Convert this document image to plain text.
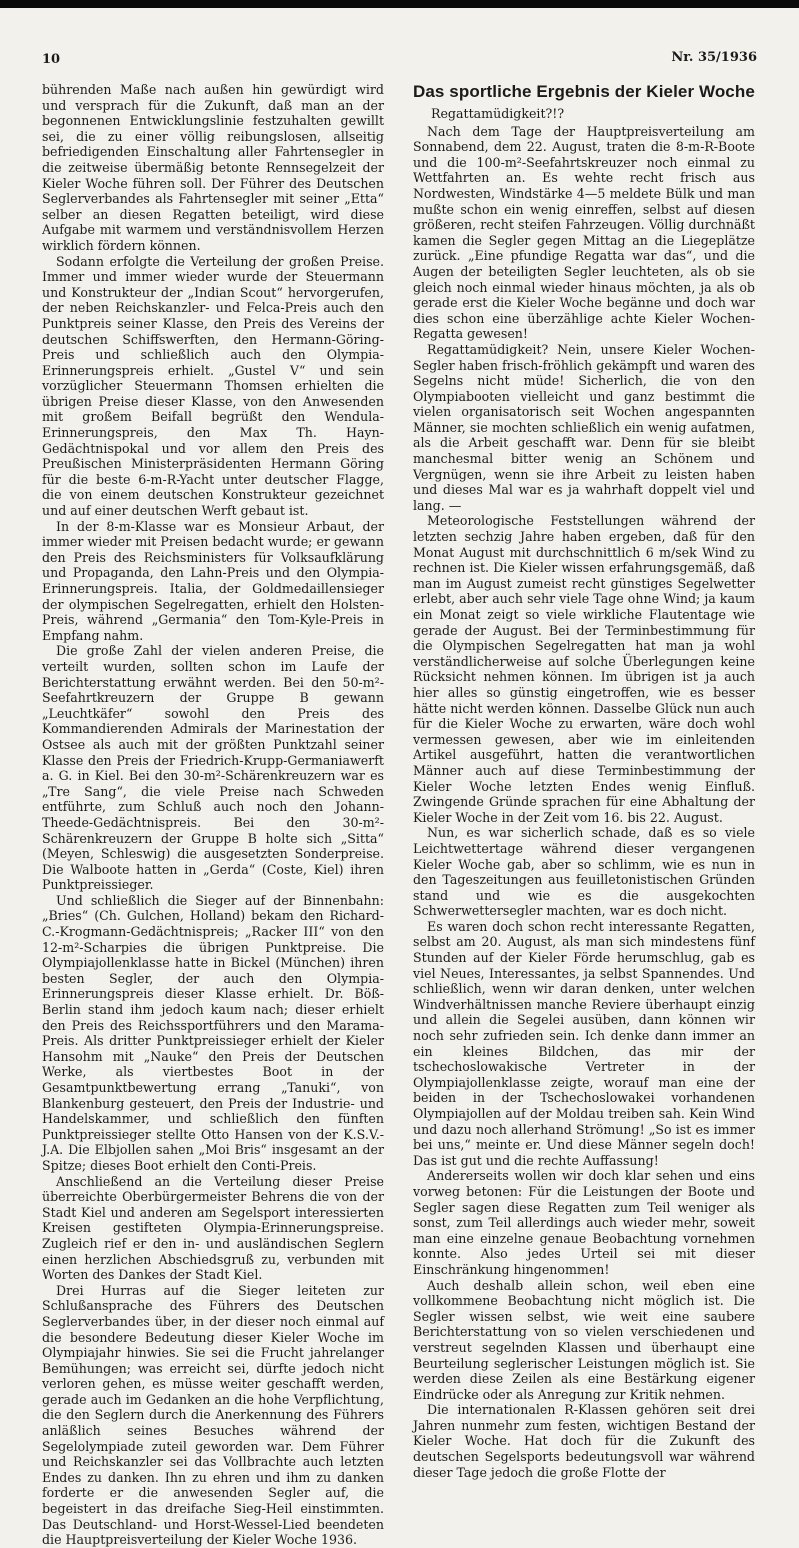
10	Nr. 35/1936

bührenden Maße nach außen hin gewürdigt wird und versprach für die Zukunft, daß man an der begonnenen Entwicklungslinie festzuhalten gewillt sei, die zu einer völlig reibungslosen, allseitig befriedigenden Einschaltung aller Fahrtensegler in die zeitweise übermäßig betonte Rennsegelzeit der Kieler Woche führen soll. Der Führer des Deutschen Seglerverbandes als Fahrtensegler mit seiner „Etta“ selber an diesen Regatten beteiligt, wird diese Aufgabe mit warmem und verständnisvollem Herzen wirklich fördern können.

Sodann erfolgte die Verteilung der großen Preise. Immer und immer wieder wurde der Steuermann und Konstrukteur der „Indian Scout“ hervorgerufen, der neben Reichskanzler- und Felca-Preis auch den Punktpreis seiner Klasse, den Preis des Vereins der deutschen Schiffswerften, den Hermann-Göring-Preis und schließlich auch den Olympia-Erinnerungspreis erhielt. „Gustel V“ und sein vorzüglicher Steuermann Thomsen erhielten die übrigen Preise dieser Klasse, von den Anwesenden mit großem Beifall begrüßt den Wendula-Erinnerungspreis, den Max Th. Hayn-Gedächtnispokal und vor allem den Preis des Preußischen Ministerpräsidenten Hermann Göring für die beste 6-m-R-Yacht unter deutscher Flagge, die von einem deutschen Konstrukteur gezeichnet und auf einer deutschen Werft gebaut ist.

In der 8-m-Klasse war es Monsieur Arbaut, der immer wieder mit Preisen bedacht wurde; er gewann den Preis des Reichsministers für Volksaufklärung und Propaganda, den Lahn-Preis und den Olympia-Erinnerungspreis. Italia, der Goldmedaillensieger der olympischen Segelregatten, erhielt den Holsten-Preis, während „Germania“ den Tom-Kyle-Preis in Empfang nahm.

Die große Zahl der vielen anderen Preise, die verteilt wurden, sollten schon im Laufe der Berichterstattung erwähnt werden. Bei den 50-m²-Seefahrtkreuzern der Gruppe B gewann „Leuchtkäfer“ sowohl den Preis des Kommandierenden Admirals der Marinestation der Ostsee als auch mit der größten Punktzahl seiner Klasse den Preis der Friedrich-Krupp-Germaniawerft a. G. in Kiel. Bei den 30-m²-Schärenkreuzern war es „Tre Sang“, die viele Preise nach Schweden entführte, zum Schluß auch noch den Johann-Theede-Gedächtnispreis. Bei den 30-m²-Schärenkreuzern der Gruppe B holte sich „Sitta“ (Meyen, Schleswig) die ausgesetzten Sonderpreise. Die Walboote hatten in „Gerda“ (Coste, Kiel) ihren Punktpreissieger.

Und schließlich die Sieger auf der Binnenbahn: „Bries“ (Ch. Gulchen, Holland) bekam den Richard-C.-Krogmann-Gedächtnispreis; „Racker III“ von den 12-m²-Scharpies die übrigen Punktpreise. Die Olympiajollenklasse hatte in Bickel (München) ihren besten Segler, der auch den Olympia-Erinnerungspreis dieser Klasse erhielt. Dr. Böß-Berlin stand ihm jedoch kaum nach; dieser erhielt den Preis des Reichssportführers und den Marama-Preis. Als dritter Punktpreissieger erhielt der Kieler Hansohm mit „Nauke“ den Preis der Deutschen Werke, als viertbestes Boot in der Gesamtpunktbewertung errang „Tanuki“, von Blankenburg gesteuert, den Preis der Industrie- und Handelskammer, und schließlich den fünften Punktpreissieger stellte Otto Hansen von der K.S.V.-J.A. Die Elbjollen sahen „Moi Bris“ insgesamt an der Spitze; dieses Boot erhielt den Conti-Preis.

Anschließend an die Verteilung dieser Preise überreichte Oberbürgermeister Behrens die von der Stadt Kiel und anderen am Segelsport interessierten Kreisen gestifteten Olympia-Erinnerungspreise. Zugleich rief er den in- und ausländischen Seglern einen herzlichen Abschiedsgruß zu, verbunden mit Worten des Dankes der Stadt Kiel.

Drei Hurras auf die Sieger leiteten zur Schlußansprache des Führers des Deutschen Seglerverbandes über, in der dieser noch einmal auf die besondere Bedeutung dieser Kieler Woche im Olympiajahr hinwies. Sie sei die Frucht jahrelanger Bemühungen; was erreicht sei, dürfte jedoch nicht verloren gehen, es müsse weiter geschafft werden, gerade auch im Gedanken an die hohe Verpflichtung, die den Seglern durch die Anerkennung des Führers anläßlich seines Besuches während der Segelolympiade zuteil geworden war. Dem Führer und Reichskanzler sei das Vollbrachte auch letzten Endes zu danken. Ihn zu ehren und ihm zu danken forderte er die anwesenden Segler auf, die begeistert in das dreifache Sieg-Heil einstimmten. Das Deutschland- und Horst-Wessel-Lied beendeten die Hauptpreisverteilung der Kieler Woche 1936.

Das sportliche Ergebnis der Kieler Woche

Regattamüdigkeit?!?

Nach dem Tage der Hauptpreisverteilung am Sonnabend, dem 22. August, traten die 8-m-R-Boote und die 100-m²-Seefahrtskreuzer noch einmal zu Wettfahrten an. Es wehte recht frisch aus Nordwesten, Windstärke 4—5 meldete Bülk und man mußte schon ein wenig einreffen, selbst auf diesen größeren, recht steifen Fahrzeugen. Völlig durchnäßt kamen die Segler gegen Mittag an die Liegeplätze zurück. „Eine pfundige Regatta war das“, und die Augen der beteiligten Segler leuchteten, als ob sie gleich noch einmal wieder hinaus möchten, ja als ob gerade erst die Kieler Woche begänne und doch war dies schon eine überzählige achte Kieler Wochen-Regatta gewesen!

Regattamüdigkeit? Nein, unsere Kieler Wochen-Segler haben frisch-fröhlich gekämpft und waren des Segelns nicht müde! Sicherlich, die von den Olympiabooten vielleicht und ganz bestimmt die vielen organisatorisch seit Wochen angespannten Männer, sie mochten schließlich ein wenig aufatmen, als die Arbeit geschafft war. Denn für sie bleibt manchesmal bitter wenig an Schönem und Vergnügen, wenn sie ihre Arbeit zu leisten haben und dieses Mal war es ja wahrhaft doppelt viel und lang. —

Meteorologische Feststellungen während der letzten sechzig Jahre haben ergeben, daß für den Monat August mit durchschnittlich 6 m/sek Wind zu rechnen ist. Die Kieler wissen erfahrungsgemäß, daß man im August zumeist recht günstiges Segelwetter erlebt, aber auch sehr viele Tage ohne Wind; ja kaum ein Monat zeigt so viele wirkliche Flautentage wie gerade der August. Bei der Terminbestimmung für die Olympischen Segelregatten hat man ja wohl verständlicherweise auf solche Überlegungen keine Rücksicht nehmen können. Im übrigen ist ja auch hier alles so günstig eingetroffen, wie es besser hätte nicht werden können. Dasselbe Glück nun auch für die Kieler Woche zu erwarten, wäre doch wohl vermessen gewesen, aber wie im einleitenden Artikel ausgeführt, hatten die verantwortlichen Männer auch auf diese Terminbestimmung der Kieler Woche letzten Endes wenig Einfluß. Zwingende Gründe sprachen für eine Abhaltung der Kieler Woche in der Zeit vom 16. bis 22. August.

Nun, es war sicherlich schade, daß es so viele Leichtwettertage während dieser vergangenen Kieler Woche gab, aber so schlimm, wie es nun in den Tageszeitungen aus feuilletonistischen Gründen stand und wie es die ausgekochten Schwerwettersegler machten, war es doch nicht.

Es waren doch schon recht interessante Regatten, selbst am 20. August, als man sich mindestens fünf Stunden auf der Kieler Förde herumschlug, gab es viel Neues, Interessantes, ja selbst Spannendes. Und schließlich, wenn wir daran denken, unter welchen Windverhältnissen manche Reviere überhaupt einzig und allein die Segelei ausüben, dann können wir noch sehr zufrieden sein. Ich denke dann immer an ein kleines Bildchen, das mir der tschechoslowakische Vertreter in der Olympiajollenklasse zeigte, worauf man eine der beiden in der Tschechoslowakei vorhandenen Olympiajollen auf der Moldau treiben sah. Kein Wind und dazu noch allerhand Strömung! „So ist es immer bei uns,“ meinte er. Und diese Männer segeln doch! Das ist gut und die rechte Auffassung!

Andererseits wollen wir doch klar sehen und eins vorweg betonen: Für die Leistungen der Boote und Segler sagen diese Regatten zum Teil weniger als sonst, zum Teil allerdings auch wieder mehr, soweit man eine einzelne genaue Beobachtung vornehmen konnte. Also jedes Urteil sei mit dieser Einschränkung hingenommen!

Auch deshalb allein schon, weil eben eine vollkommene Beobachtung nicht möglich ist. Die Segler wissen selbst, wie weit eine saubere Berichterstattung von so vielen verschiedenen und verstreut segelnden Klassen und überhaupt eine Beurteilung seglerischer Leistungen möglich ist. Sie werden diese Zeilen als eine Bestärkung eigener Eindrücke oder als Anregung zur Kritik nehmen.

Die internationalen R-Klassen gehören seit drei Jahren nunmehr zum festen, wichtigen Bestand der Kieler Woche. Hat doch für die Zukunft des deutschen Segelsports bedeutungsvoll war während dieser Tage jedoch die große Flotte der
